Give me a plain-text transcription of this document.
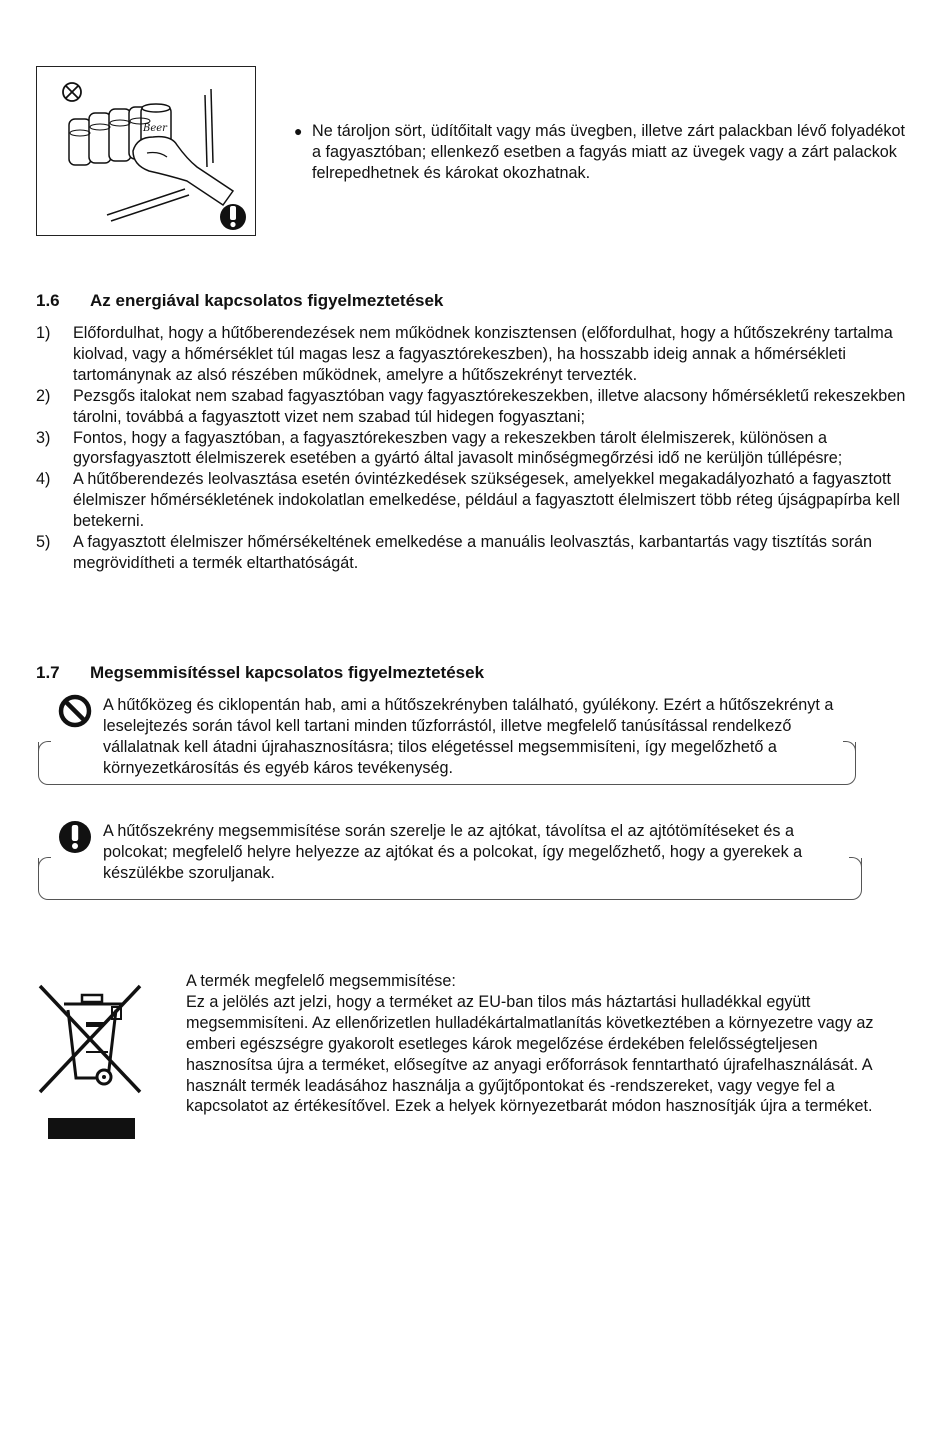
Beer	● Ne tároljon sört, üdítőitalt vagy más üvegben, illetve zárt palackban lévő folyadékot a fagyasztóban; ellenkező esetben a fagyás miatt az üvegek vagy a zárt palackok felrepedhetnek és károkat okozhatnak.
1.6 Az energiával kapcsolatos figyelmeztetések
1) Előfordulhat, hogy a hűtőberendezések nem működnek konzisztensen (előfordulhat, hogy a hűtőszekrény tartalma kiolvad, vagy a hőmérséklet túl magas lesz a fagyasztórekeszben), ha hosszabb ideig annak a hőmérsékleti tartománynak az alsó részében működnek, amelyre a hűtőszekrényt tervezték.
2) Pezsgős italokat nem szabad fagyasztóban vagy fagyasztórekeszekben, illetve alacsony hőmérsékletű rekeszekben tárolni, továbbá a fagyasztott vizet nem szabad túl hidegen fogyasztani;
3) Fontos, hogy a fagyasztóban, a fagyasztórekeszben vagy a rekeszekben tárolt élelmiszerek, különösen a gyorsfagyasztott élelmiszerek esetében a gyártó által javasolt minőségmegőrzési idő ne kerüljön túllépésre;
4) A hűtőberendezés leolvasztása esetén óvintézkedések szükségesek, amelyekkel megakadályozható a fagyasztott élelmiszer hőmérsékletének indokolatlan emelkedése, például a fagyasztott élelmiszert több réteg újságpapírba kell betekerni.
5) A fagyasztott élelmiszer hőmérsékeltének emelkedése a manuális leolvasztás, karbantartás vagy tisztítás során megrövidítheti a termék eltarthatóságát.
1.7 Megsemmisítéssel kapcsolatos figyelmeztetések
A hűtőközeg és ciklopentán hab, ami a hűtőszekrényben található, gyúlékony. Ezért a hűtőszekrényt a leselejtezés során távol kell tartani minden tűzforrástól, illetve megfelelő tanúsítással rendelkező vállalatnak kell átadni újrahasznosításra; tilos elégetéssel megsemmisíteni, így megelőzhető a környezetkárosítás és egyéb káros tevékenység.
A hűtőszekrény megsemmisítése során szerelje le az ajtókat, távolítsa el az ajtótömítéseket és a polcokat; megfelelő helyre helyezze az ajtókat és a polcokat, így megelőzhető, hogy a gyerekek a készülékbe szoruljanak.
A termék megfelelő megsemmisítése:
Ez a jelölés azt jelzi, hogy a terméket az EU-ban tilos más háztartási hulladékkal együtt megsemmisíteni. Az ellenőrizetlen hulladékártalmatlanítás következtében a környezetre vagy az emberi egészségre gyakorolt esetleges károk megelőzése érdekében felelősségteljesen hasznosítsa újra a terméket, elősegítve az anyagi erőforrások fenntartható újrafelhasználását. A használt termék leadásához használja a gyűjtőpontokat és -rendszereket, vagy vegye fel a kapcsolatot az értékesítővel. Ezek a helyek környezetbarát módon hasznosítják újra a terméket.
